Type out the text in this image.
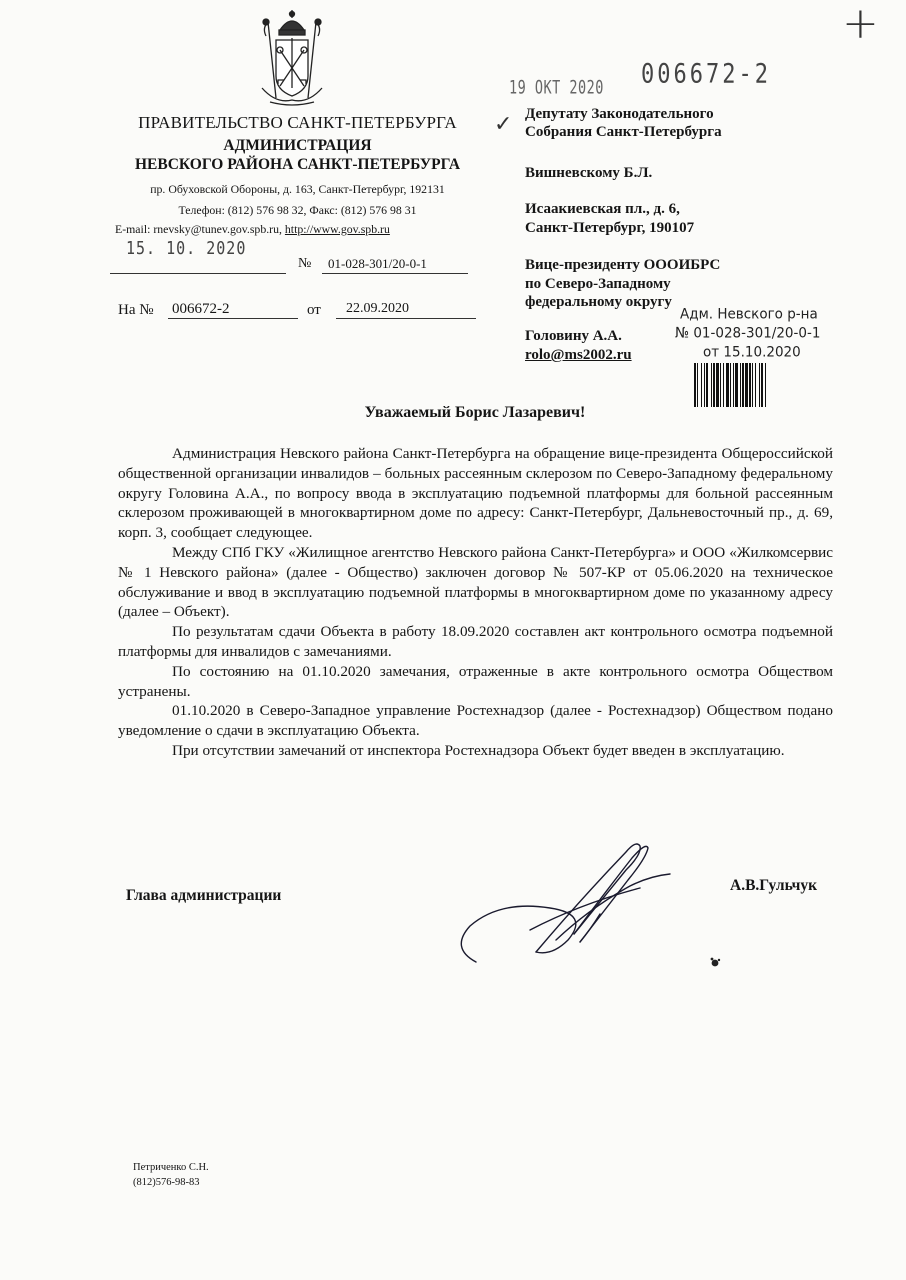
ПРАВИТЕЛЬСТВО САНКТ-ПЕТЕРБУРГА
АДМИНИСТРАЦИЯ
НЕВСКОГО РАЙОНА САНКТ-ПЕТЕРБУРГА
пр. Обуховской Обороны, д. 163, Санкт-Петербург, 192131
Телефон: (812) 576 98 32, Факс: (812) 576 98 31
E-mail: rnevsky@tunev.gov.spb.ru, http://www.gov.spb.ru
15. 10. 2020
№ 01-028-301/20-0-1
На № 006672-2	от 22.09.2020
19 ОКТ 2020 006672-2
+
✓ Депутату Законодательного
Собрания Санкт-Петербурга
Вишневскому Б.Л.
Исаакиевская пл., д. 6,
Санкт-Петербург, 190107
Вице-президенту ОООИБРС
по Северо-Западному
федеральному округу
Головину А.А.
rolo@ms2002.ru
Адм. Невского р-на
№ 01-028-301/20-0-1
от 15.10.2020
Уважаемый Борис Лазаревич!

Администрация Невского района Санкт-Петербурга на обращение вице-президента Общероссийской общественной организации инвалидов – больных рассеянным склерозом по Северо-Западному федеральному округу Головина А.А., по вопросу ввода в эксплуатацию подъемной платформы для больной рассеянным склерозом проживающей в многоквартирном доме по адресу: Санкт-Петербург, Дальневосточный пр., д. 69, корп. 3, сообщает следующее.

Между СПб ГКУ «Жилищное агентство Невского района Санкт-Петербурга» и ООО «Жилкомсервис № 1 Невского района» (далее - Общество) заключен договор № 507-КР от 05.06.2020 на техническое обслуживание и ввод в эксплуатацию подъемной платформы в многоквартирном доме по указанному адресу (далее – Объект).

По результатам сдачи Объекта в работу 18.09.2020 составлен акт контрольного осмотра подъемной платформы для инвалидов с замечаниями.

По состоянию на 01.10.2020 замечания, отраженные в акте контрольного осмотра Обществом устранены.

01.10.2020 в Северо-Западное управление Ростехнадзор (далее - Ростехнадзор) Обществом подано уведомление о сдачи в эксплуатацию Объекта.

При отсутствии замечаний от инспектора Ростехнадзора Объект будет введен в эксплуатацию.

Глава администрации
А.В.Гульчук
Петриченко С.Н.
(812)576-98-83
